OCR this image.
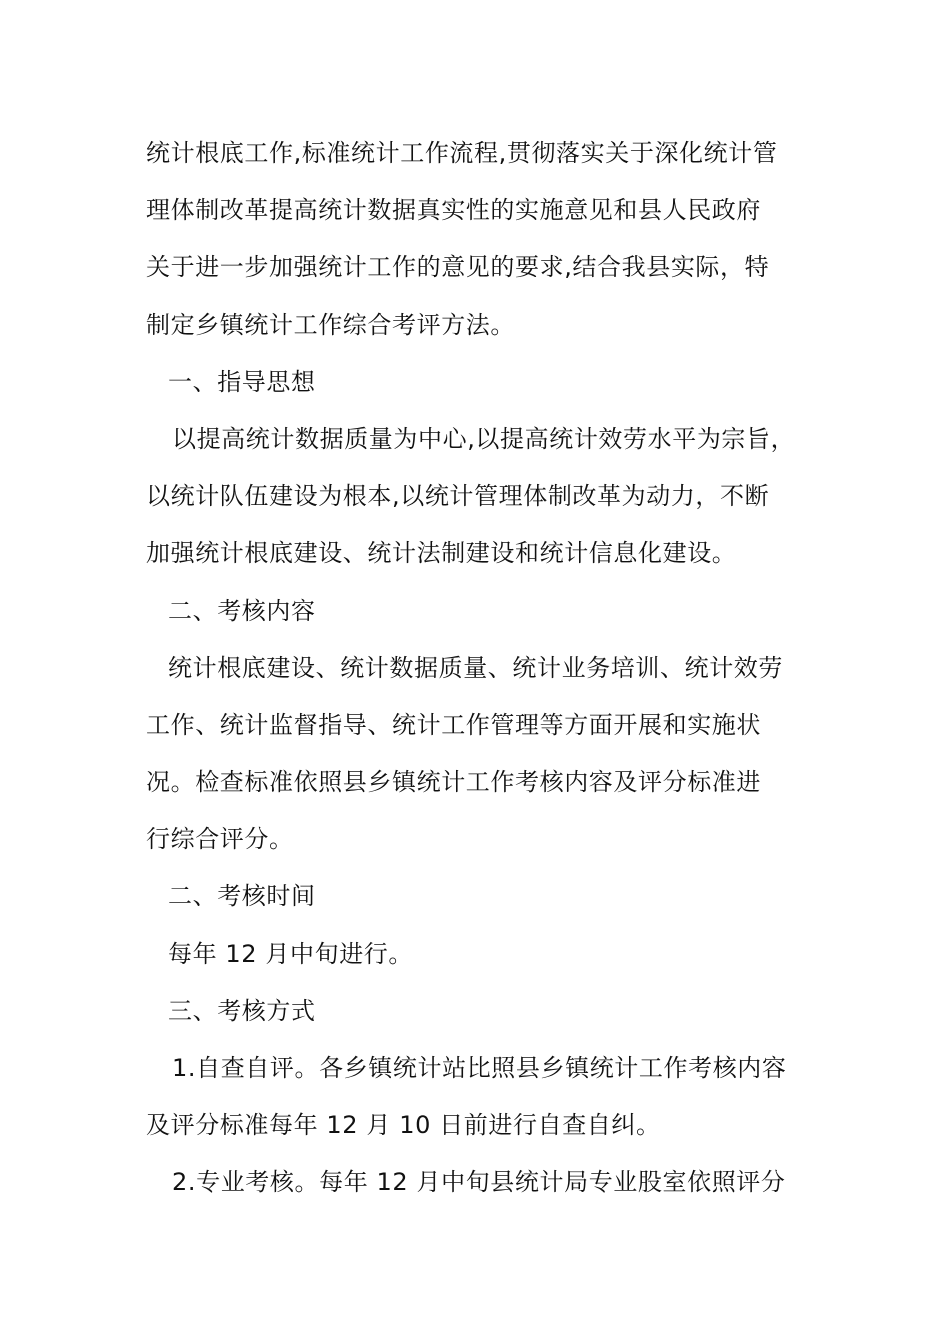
统计根底工作,标准统计工作流程,贯彻落实关于深化统计管
理体制改革提高统计数据真实性的实施意见和县人民政府
关于进一步加强统计工作的意见的要求,结合我县实际，特
制定乡镇统计工作综合考评方法。
一、指导思想
以提高统计数据质量为中心,以提高统计效劳水平为宗旨，
以统计队伍建设为根本,以统计管理体制改革为动力，不断
加强统计根底建设、统计法制建设和统计信息化建设。
二、考核内容
统计根底建设、统计数据质量、统计业务培训、统计效劳
工作、统计监督指导、统计工作管理等方面开展和实施状
况。检查标准依照县乡镇统计工作考核内容及评分标准进
行综合评分。
二、考核时间
每年 12 月中旬进行。
三、考核方式
1.自查自评。各乡镇统计站比照县乡镇统计工作考核内容
及评分标准每年 12 月 10 日前进行自查自纠。
2.专业考核。每年 12 月中旬县统计局专业股室依照评分
